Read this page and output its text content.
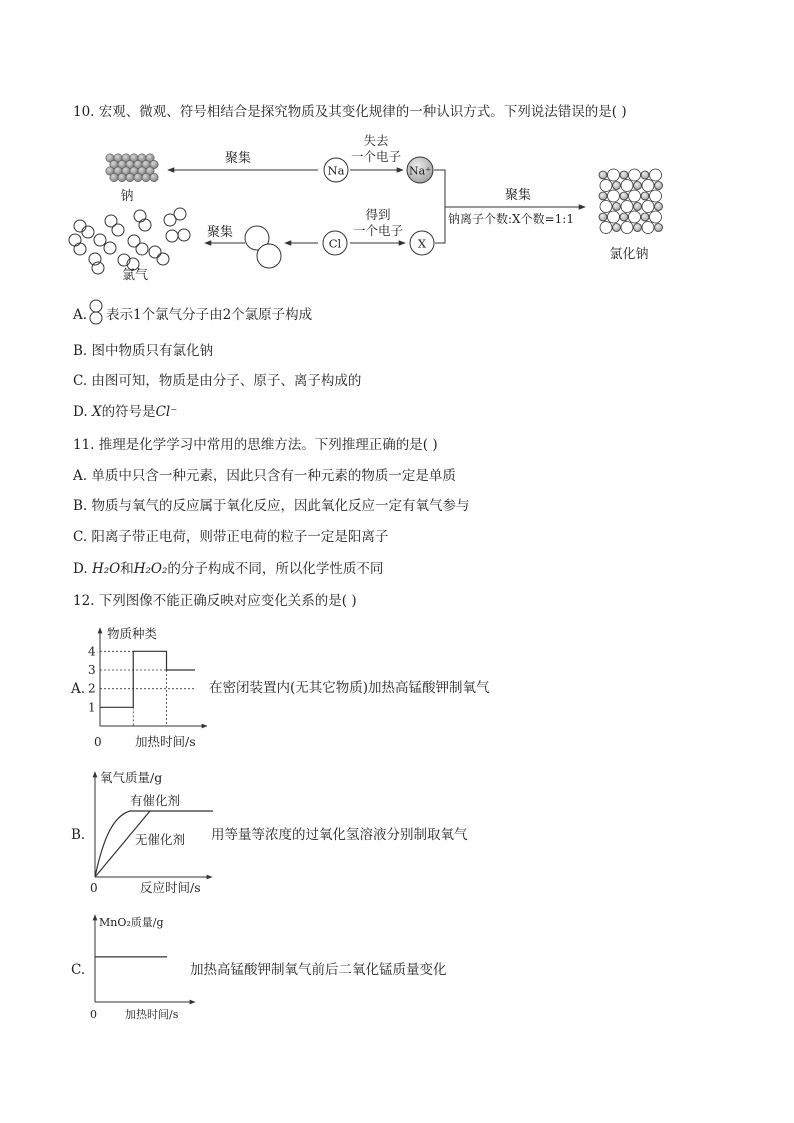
10. 宏观、微观、符号相结合是探究物质及其变化规律的一种认识方式。下列说法错误的是( )
钠
氯气
聚集
Na
失去
一个电子
Na⁺
聚集
Cl
得到
一个电子
X
聚集
钠离子个数:X个数=1:1
氯化钠
A. 表示1个氯气分子由2个氯原子构成
B. 图中物质只有氯化钠
C. 由图可知，物质是由分子、原子、离子构成的
D. X的符号是Cl⁻
11. 推理是化学学习中常用的思维方法。下列推理正确的是( )
A. 单质中只含一种元素，因此只含有一种元素的物质一定是单质
B. 物质与氧气的反应属于氧化反应，因此氧化反应一定有氧气参与
C. 阳离子带正电荷，则带正电荷的粒子一定是阳离子
D. H₂O和H₂O₂的分子构成不同，所以化学性质不同
12. 下列图像不能正确反映对应变化关系的是( )
A.
物质种类
加热时间/s
0
1
2
3
4
在密闭装置内(无其它物质)加热高锰酸钾制氧气
B.
氧气质量/g
反应时间/s
0
有催化剂
无催化剂 用等量等浓度的过氧化氢溶液分别制取氧气
C.
MnO₂质量/g
加热时间/s
0
加热高锰酸钾制氧气前后二氧化锰质量变化
